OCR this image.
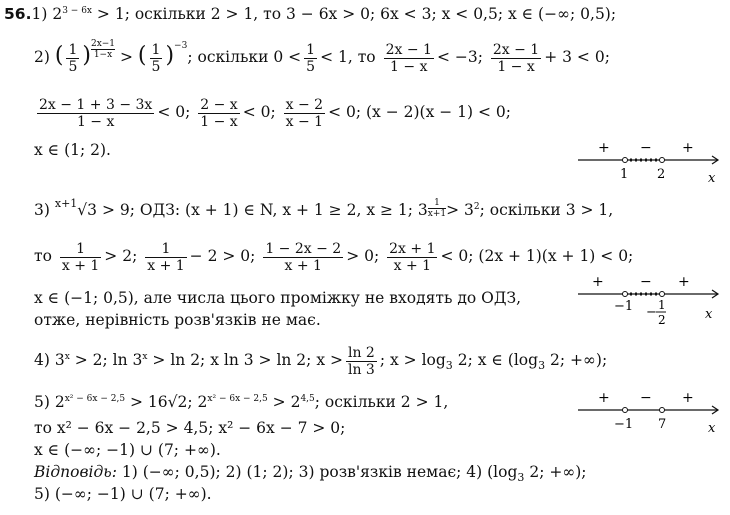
56.1) $2^{3 - 6x} > 1$; оскільки 2 > 1, то 3 − 6x > 0; 6x < 3; x < 0,5; x ∈ (−∞; 0,5);
2) ( $\frac{1}{5}$ ) $\frac{2x-1}{1-x}$ > ( $\frac{1}{5} )^{-3}$; оскільки $0 < \frac{1}{5} < 1$, то $\frac{2x - 1}{1 - x} < -3$; $\frac{2x - 1}{1 - x} + 3 < 0$;
$\frac{2x - 1 + 3 - 3x}{1 - x} < 0$; $\frac{2 - x}{1 - x} < 0$; $\frac{x - 2}{x - 1} < 0$; (x − 2)(x − 1) < 0;
x ∈ (1; 2).	+ − +
1 2	x
3) $^{x+1}$√3 > 9; ОДЗ: (x + 1) ∈ N, x + 1 ≥ 2, x ≥ 1; $3 \frac{1}{x+1} > 3^2$; оскільки 3 > 1,
то $\frac{1}{x + 1} > 2$; $\frac{1}{x + 1} - 2 > 0$; $\frac{1 - 2x - 2}{x + 1} > 0$; $\frac{2x + 1}{x + 1} < 0$; (2x + 1)(x + 1) < 0;
x ∈ (−1; 0,5), але числа цього проміжку не входять до ОДЗ,
отже, нерівність розв'язків не має.
+	− +
−1 − 1
2	x
4) $3^x > 2$; $\ln 3^x > \ln 2$; x ln 3 > ln 2; $x > \frac{\ln 2}{\ln 3}$ ; $x > \log_3 2$; x ∈ ($\log_3$ 2; +∞);
5) $2^{x^2 - 6x - 2,5} > 16√2$; $2^{x^2 - 6x - 2,5} > 2^{4,5}$; оскільки 2 > 1,
то x² − 6x − 2,5 > 4,5; x² − 6x − 7 > 0;
x ∈ (−∞; −1) ∪ (7; +∞).
+ − +
−1 7	x
Відповідь: 1) (−∞; 0,5); 2) (1; 2); 3) розв'язків немає; 4) ($\log_3$ 2; +∞);
5) (−∞; −1) ∪ (7; +∞).
